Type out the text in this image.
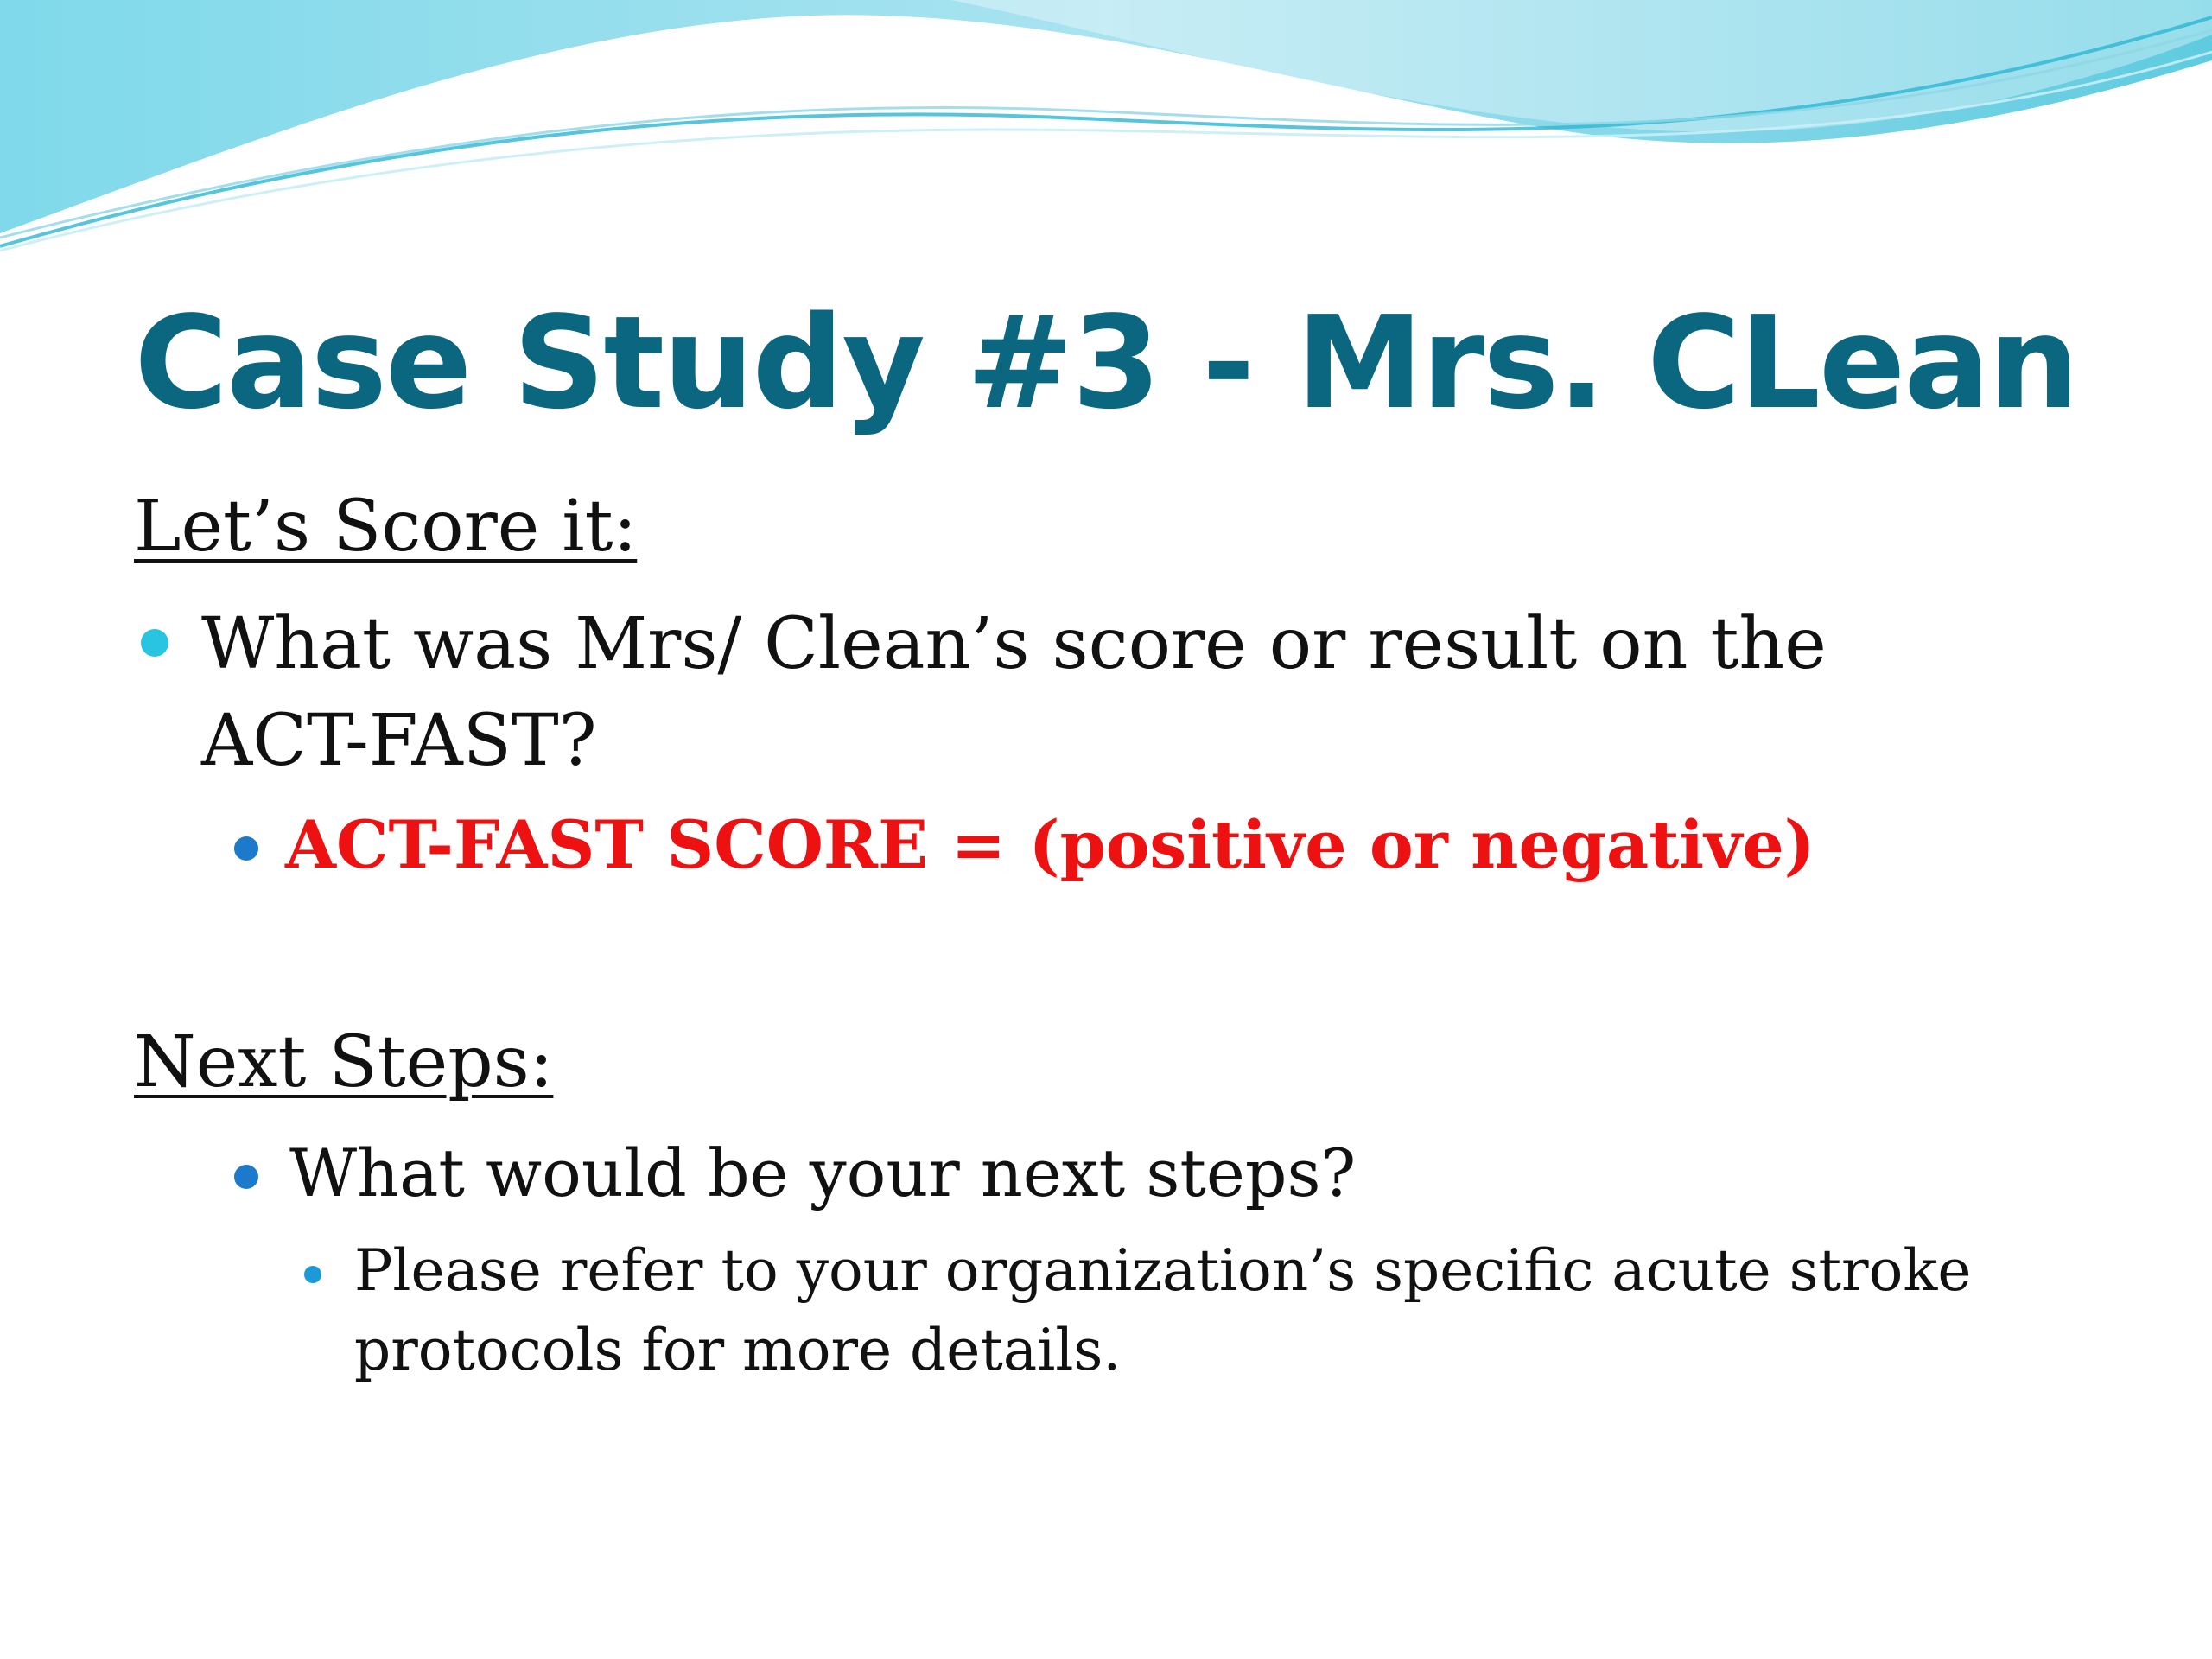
Case Study #3 - Mrs. CLean

Let’s Score it:

What was Mrs/ Clean’s score or result on the ACT-FAST?

ACT-FAST SCORE = (positive or negative)

Next Steps:

What would be your next steps?

Please refer to your organization’s specific acute stroke protocols for more details.
